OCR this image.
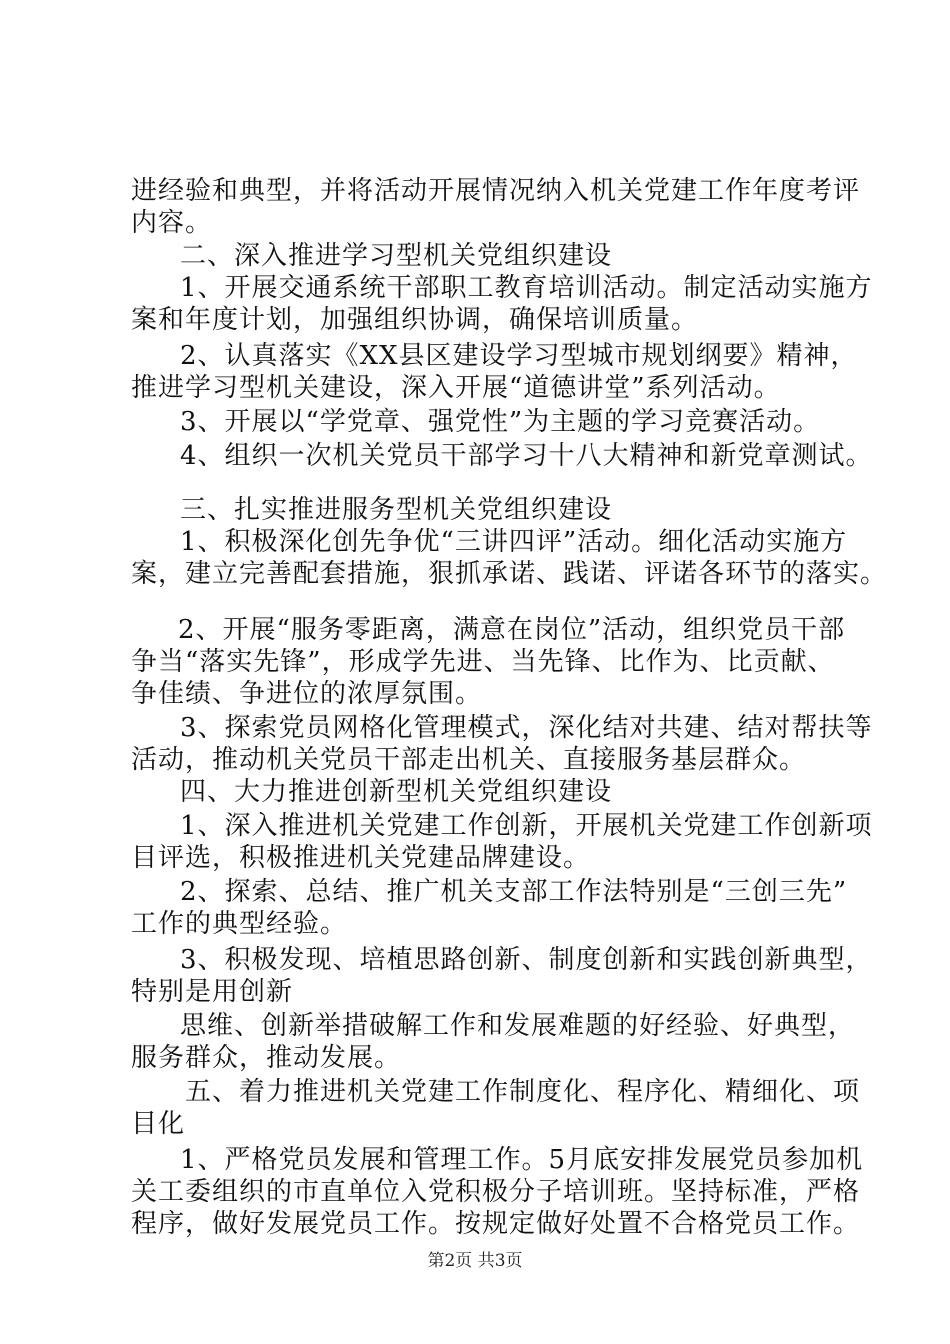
进经验和典型，并将活动开展情况纳入机关党建工作年度考评
内容。
二、深入推进学习型机关党组织建设
1、开展交通系统干部职工教育培训活动。制定活动实施方
案和年度计划，加强组织协调，确保培训质量。
2、认真落实《XX县区建设学习型城市规划纲要》精神，
推进学习型机关建设，深入开展“道德讲堂”系列活动。
3、开展以“学党章、强党性”为主题的学习竞赛活动。
4、组织一次机关党员干部学习十八大精神和新党章测试。
三、扎实推进服务型机关党组织建设
1、积极深化创先争优“三讲四评”活动。细化活动实施方
案，建立完善配套措施，狠抓承诺、践诺、评诺各环节的落实。
2、开展“服务零距离，满意在岗位”活动，组织党员干部
争当“落实先锋”，形成学先进、当先锋、比作为、比贡献、
争佳绩、争进位的浓厚氛围。
3、探索党员网格化管理模式，深化结对共建、结对帮扶等
活动，推动机关党员干部走出机关、直接服务基层群众。
四、大力推进创新型机关党组织建设
1、深入推进机关党建工作创新，开展机关党建工作创新项
目评选，积极推进机关党建品牌建设。
2、探索、总结、推广机关支部工作法特别是“三创三先”
工作的典型经验。
3、积极发现、培植思路创新、制度创新和实践创新典型，
特别是用创新
思维、创新举措破解工作和发展难题的好经验、好典型，
服务群众，推动发展。
五、着力推进机关党建工作制度化、程序化、精细化、项
目化
1、严格党员发展和管理工作。5月底安排发展党员参加机
关工委组织的市直单位入党积极分子培训班。坚持标准，严格
程序，做好发展党员工作。按规定做好处置不合格党员工作。
第2页 共3页
